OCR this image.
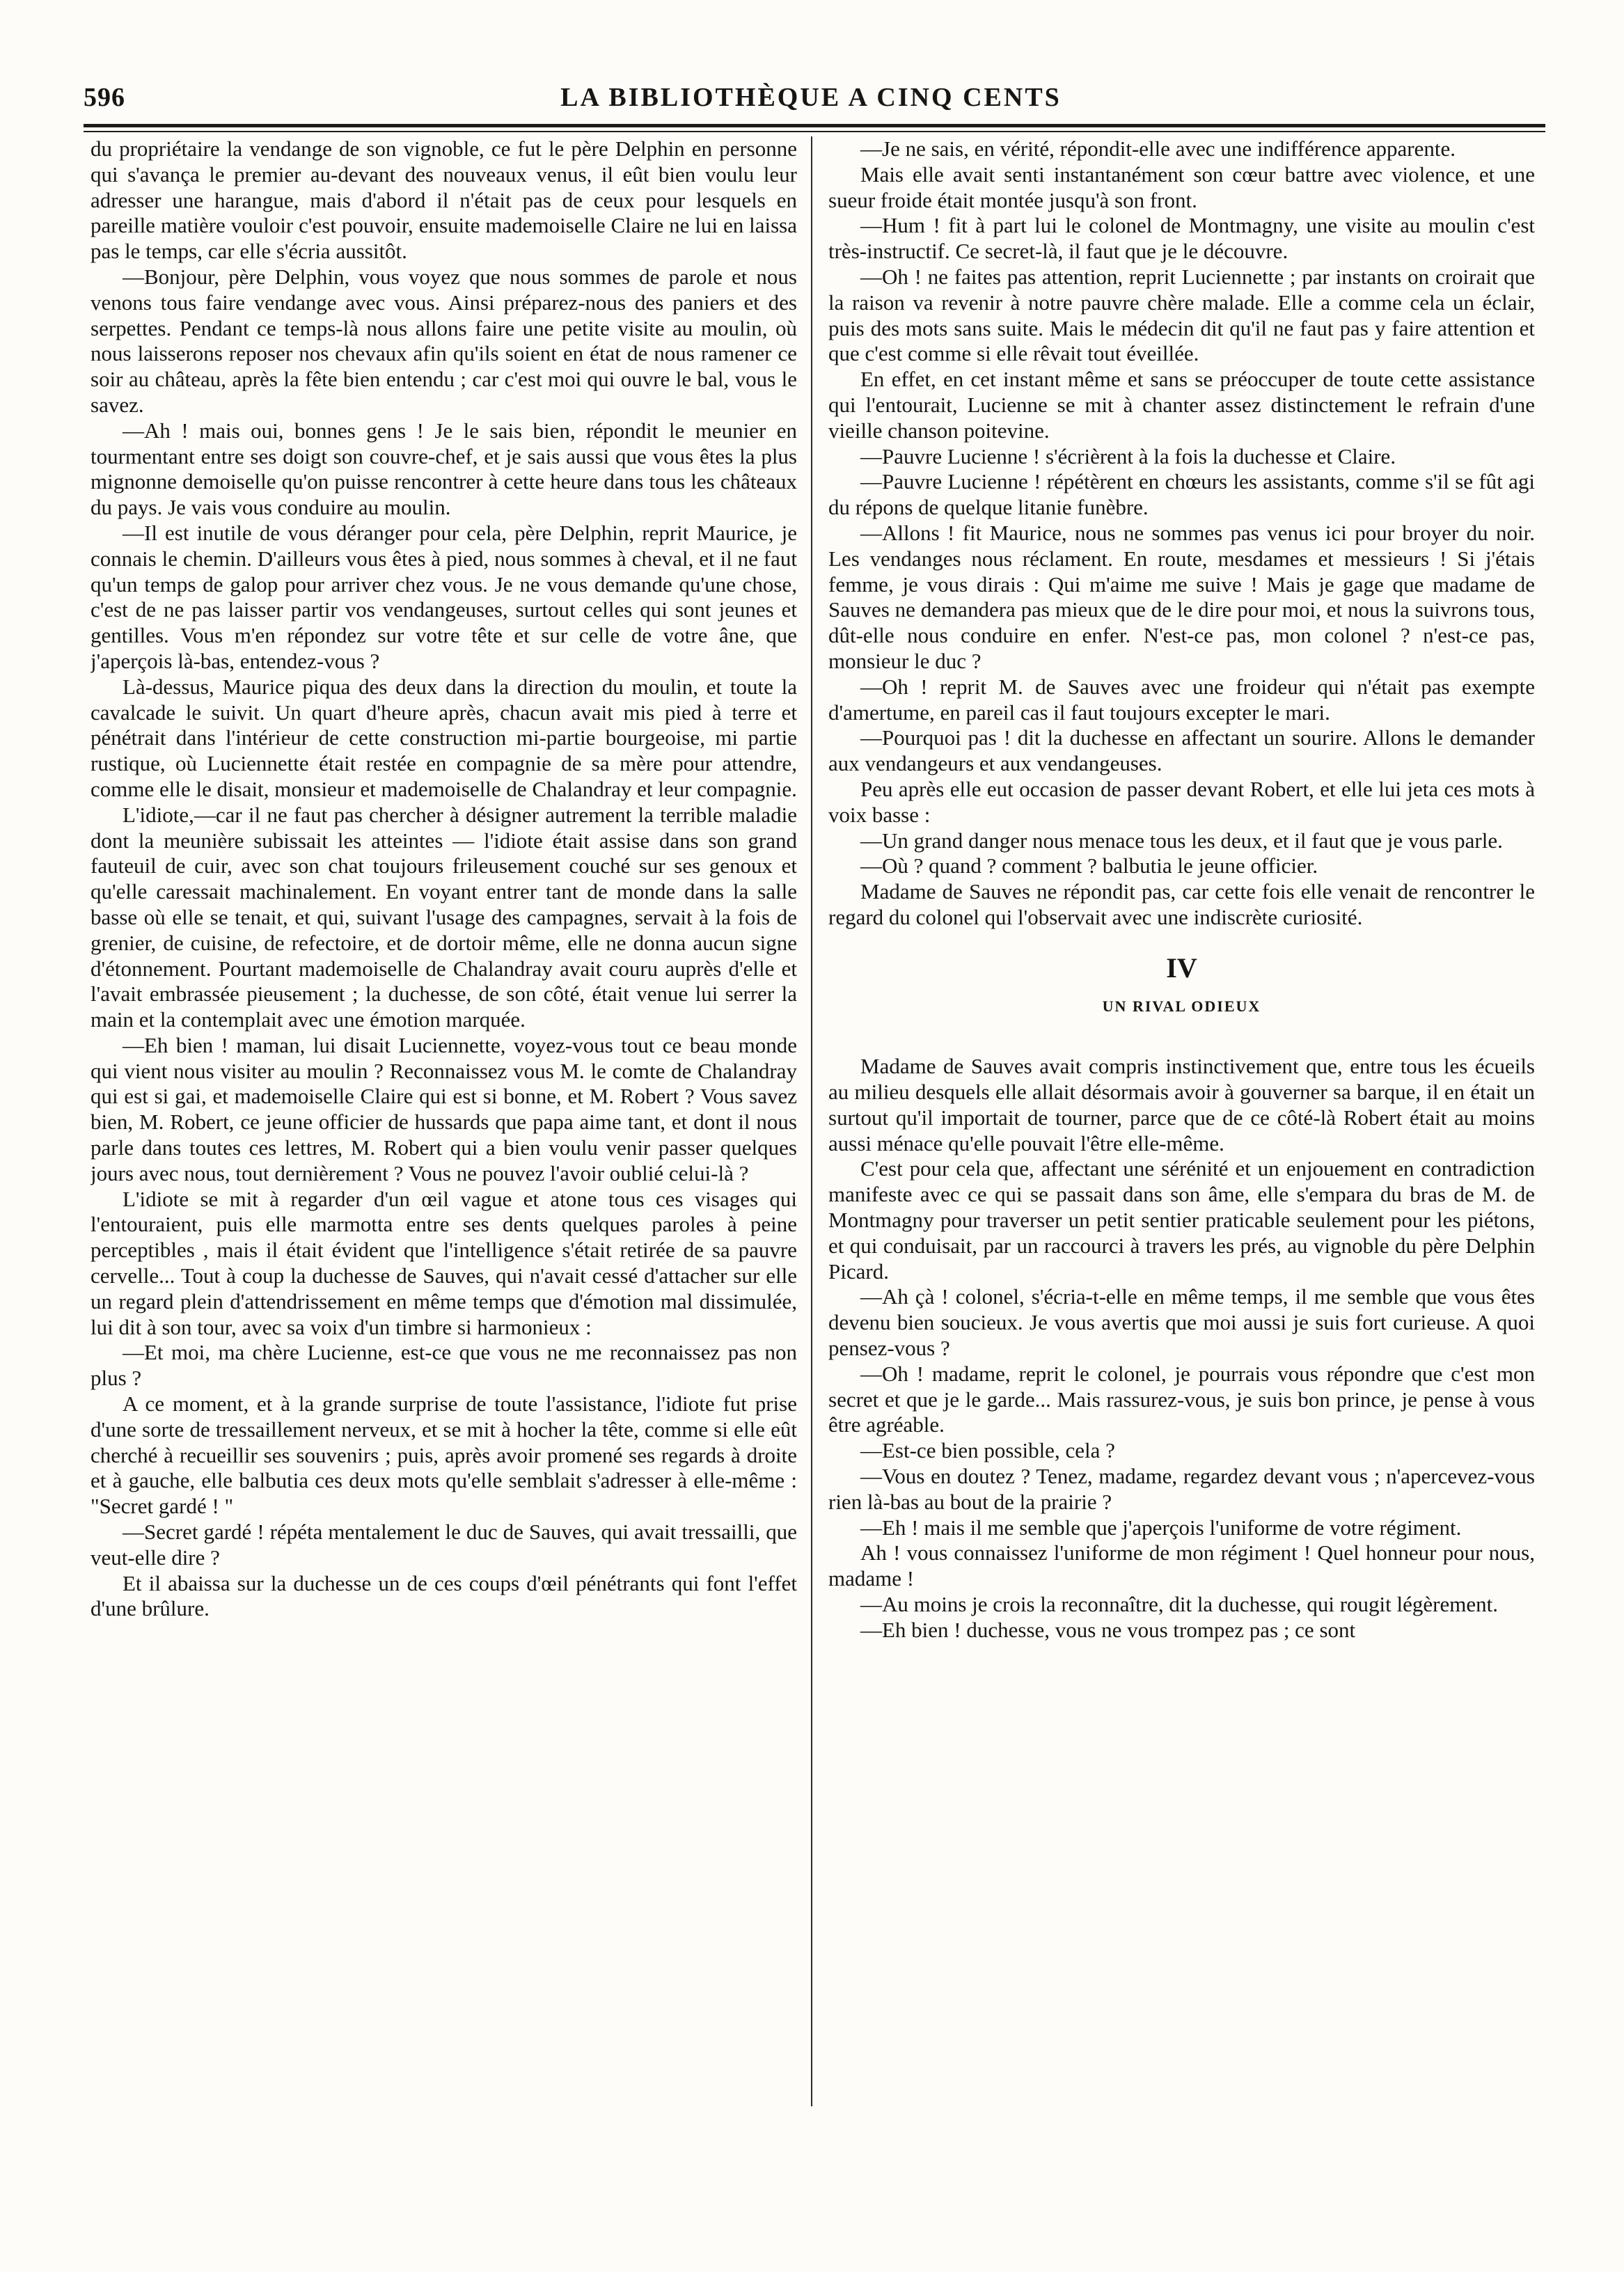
596	LA BIBLIOTHÈQUE A CINQ CENTS

du propriétaire la vendange de son vignoble, ce fut le père Delphin en personne qui s'avança le premier au-devant des nouveaux venus, il eût bien voulu leur adresser une harangue, mais d'abord il n'était pas de ceux pour lesquels en pareille matière vouloir c'est pouvoir, ensuite mademoiselle Claire ne lui en laissa pas le temps, car elle s'écria aussitôt.

—Bonjour, père Delphin, vous voyez que nous sommes de parole et nous venons tous faire vendange avec vous. Ainsi préparez-nous des paniers et des serpettes. Pendant ce temps-là nous allons faire une petite visite au moulin, où nous laisserons reposer nos chevaux afin qu'ils soient en état de nous ramener ce soir au château, après la fête bien entendu ; car c'est moi qui ouvre le bal, vous le savez.

—Ah ! mais oui, bonnes gens ! Je le sais bien, répondit le meunier en tourmentant entre ses doigt son couvre-chef, et je sais aussi que vous êtes la plus mignonne demoiselle qu'on puisse rencontrer à cette heure dans tous les châteaux du pays. Je vais vous conduire au moulin.

—Il est inutile de vous déranger pour cela, père Delphin, reprit Maurice, je connais le chemin. D'ailleurs vous êtes à pied, nous sommes à cheval, et il ne faut qu'un temps de galop pour arriver chez vous. Je ne vous demande qu'une chose, c'est de ne pas laisser partir vos vendangeuses, surtout celles qui sont jeunes et gentilles. Vous m'en répondez sur votre tête et sur celle de votre âne, que j'aperçois là-bas, entendez-vous ?

Là-dessus, Maurice piqua des deux dans la direction du moulin, et toute la cavalcade le suivit. Un quart d'heure après, chacun avait mis pied à terre et pénétrait dans l'intérieur de cette construction mi-partie bourgeoise, mi partie rustique, où Luciennette était restée en compagnie de sa mère pour attendre, comme elle le disait, monsieur et mademoiselle de Chalandray et leur compagnie.

L'idiote,—car il ne faut pas chercher à désigner autrement la terrible maladie dont la meunière subissait les atteintes — l'idiote était assise dans son grand fauteuil de cuir, avec son chat toujours frileusement couché sur ses genoux et qu'elle caressait machinalement. En voyant entrer tant de monde dans la salle basse où elle se tenait, et qui, suivant l'usage des campagnes, servait à la fois de grenier, de cuisine, de refectoire, et de dortoir même, elle ne donna aucun signe d'étonnement. Pourtant mademoiselle de Chalandray avait couru auprès d'elle et l'avait embrassée pieusement ; la duchesse, de son côté, était venue lui serrer la main et la contemplait avec une émotion marquée.

—Eh bien ! maman, lui disait Luciennette, voyez-vous tout ce beau monde qui vient nous visiter au moulin ? Reconnaissez vous M. le comte de Chalandray qui est si gai, et mademoiselle Claire qui est si bonne, et M. Robert ? Vous savez bien, M. Robert, ce jeune officier de hussards que papa aime tant, et dont il nous parle dans toutes ces lettres, M. Robert qui a bien voulu venir passer quelques jours avec nous, tout dernièrement ? Vous ne pouvez l'avoir oublié celui-là ?

L'idiote se mit à regarder d'un œil vague et atone tous ces visages qui l'entouraient, puis elle marmotta entre ses dents quelques paroles à peine perceptibles , mais il était évident que l'intelligence s'était retirée de sa pauvre cervelle... Tout à coup la duchesse de Sauves, qui n'avait cessé d'attacher sur elle un regard plein d'attendrissement en même temps que d'émotion mal dissimulée, lui dit à son tour, avec sa voix d'un timbre si harmonieux :

—Et moi, ma chère Lucienne, est-ce que vous ne me reconnaissez pas non plus ?

A ce moment, et à la grande surprise de toute l'assistance, l'idiote fut prise d'une sorte de tressaillement nerveux, et se mit à hocher la tête, comme si elle eût cherché à recueillir ses souvenirs ; puis, après avoir promené ses regards à droite et à gauche, elle balbutia ces deux mots qu'elle semblait s'adresser à elle-même : "Secret gardé ! "

—Secret gardé ! répéta mentalement le duc de Sauves, qui avait tressailli, que veut-elle dire ?

Et il abaissa sur la duchesse un de ces coups d'œil pénétrants qui font l'effet d'une brûlure.

—Je ne sais, en vérité, répondit-elle avec une indifférence apparente.

Mais elle avait senti instantanément son cœur battre avec violence, et une sueur froide était montée jusqu'à son front.

—Hum ! fit à part lui le colonel de Montmagny, une visite au moulin c'est très-instructif. Ce secret-là, il faut que je le découvre.

—Oh ! ne faites pas attention, reprit Luciennette ; par instants on croirait que la raison va revenir à notre pauvre chère malade. Elle a comme cela un éclair, puis des mots sans suite. Mais le médecin dit qu'il ne faut pas y faire attention et que c'est comme si elle rêvait tout éveillée.

En effet, en cet instant même et sans se préoccuper de toute cette assistance qui l'entourait, Lucienne se mit à chanter assez distinctement le refrain d'une vieille chanson poitevine.

—Pauvre Lucienne ! s'écrièrent à la fois la duchesse et Claire.

—Pauvre Lucienne ! répétèrent en chœurs les assistants, comme s'il se fût agi du répons de quelque litanie funèbre.

—Allons ! fit Maurice, nous ne sommes pas venus ici pour broyer du noir. Les vendanges nous réclament. En route, mesdames et messieurs ! Si j'étais femme, je vous dirais : Qui m'aime me suive ! Mais je gage que madame de Sauves ne demandera pas mieux que de le dire pour moi, et nous la suivrons tous, dût-elle nous conduire en enfer. N'est-ce pas, mon colonel ? n'est-ce pas, monsieur le duc ?

—Oh ! reprit M. de Sauves avec une froideur qui n'était pas exempte d'amertume, en pareil cas il faut toujours excepter le mari.

—Pourquoi pas ! dit la duchesse en affectant un sourire. Allons le demander aux vendangeurs et aux vendangeuses.

Peu après elle eut occasion de passer devant Robert, et elle lui jeta ces mots à voix basse :

—Un grand danger nous menace tous les deux, et il faut que je vous parle.

—Où ? quand ? comment ? balbutia le jeune officier.

Madame de Sauves ne répondit pas, car cette fois elle venait de rencontrer le regard du colonel qui l'observait avec une indiscrète curiosité.

IV
UN RIVAL ODIEUX

Madame de Sauves avait compris instinctivement que, entre tous les écueils au milieu desquels elle allait désormais avoir à gouverner sa barque, il en était un surtout qu'il importait de tourner, parce que de ce côté-là Robert était au moins aussi ménace qu'elle pouvait l'être elle-même.

C'est pour cela que, affectant une sérénité et un enjouement en contradiction manifeste avec ce qui se passait dans son âme, elle s'empara du bras de M. de Montmagny pour traverser un petit sentier praticable seulement pour les piétons, et qui conduisait, par un raccourci à travers les prés, au vignoble du père Delphin Picard.

—Ah çà ! colonel, s'écria-t-elle en même temps, il me semble que vous êtes devenu bien soucieux. Je vous avertis que moi aussi je suis fort curieuse. A quoi pensez-vous ?

—Oh ! madame, reprit le colonel, je pourrais vous répondre que c'est mon secret et que je le garde... Mais rassurez-vous, je suis bon prince, je pense à vous être agréable.

—Est-ce bien possible, cela ?

—Vous en doutez ? Tenez, madame, regardez devant vous ; n'apercevez-vous rien là-bas au bout de la prairie ?

—Eh ! mais il me semble que j'aperçois l'uniforme de votre régiment.

Ah ! vous connaissez l'uniforme de mon régiment ! Quel honneur pour nous, madame !

—Au moins je crois la reconnaître, dit la duchesse, qui rougit légèrement.

—Eh bien ! duchesse, vous ne vous trompez pas ; ce sont
